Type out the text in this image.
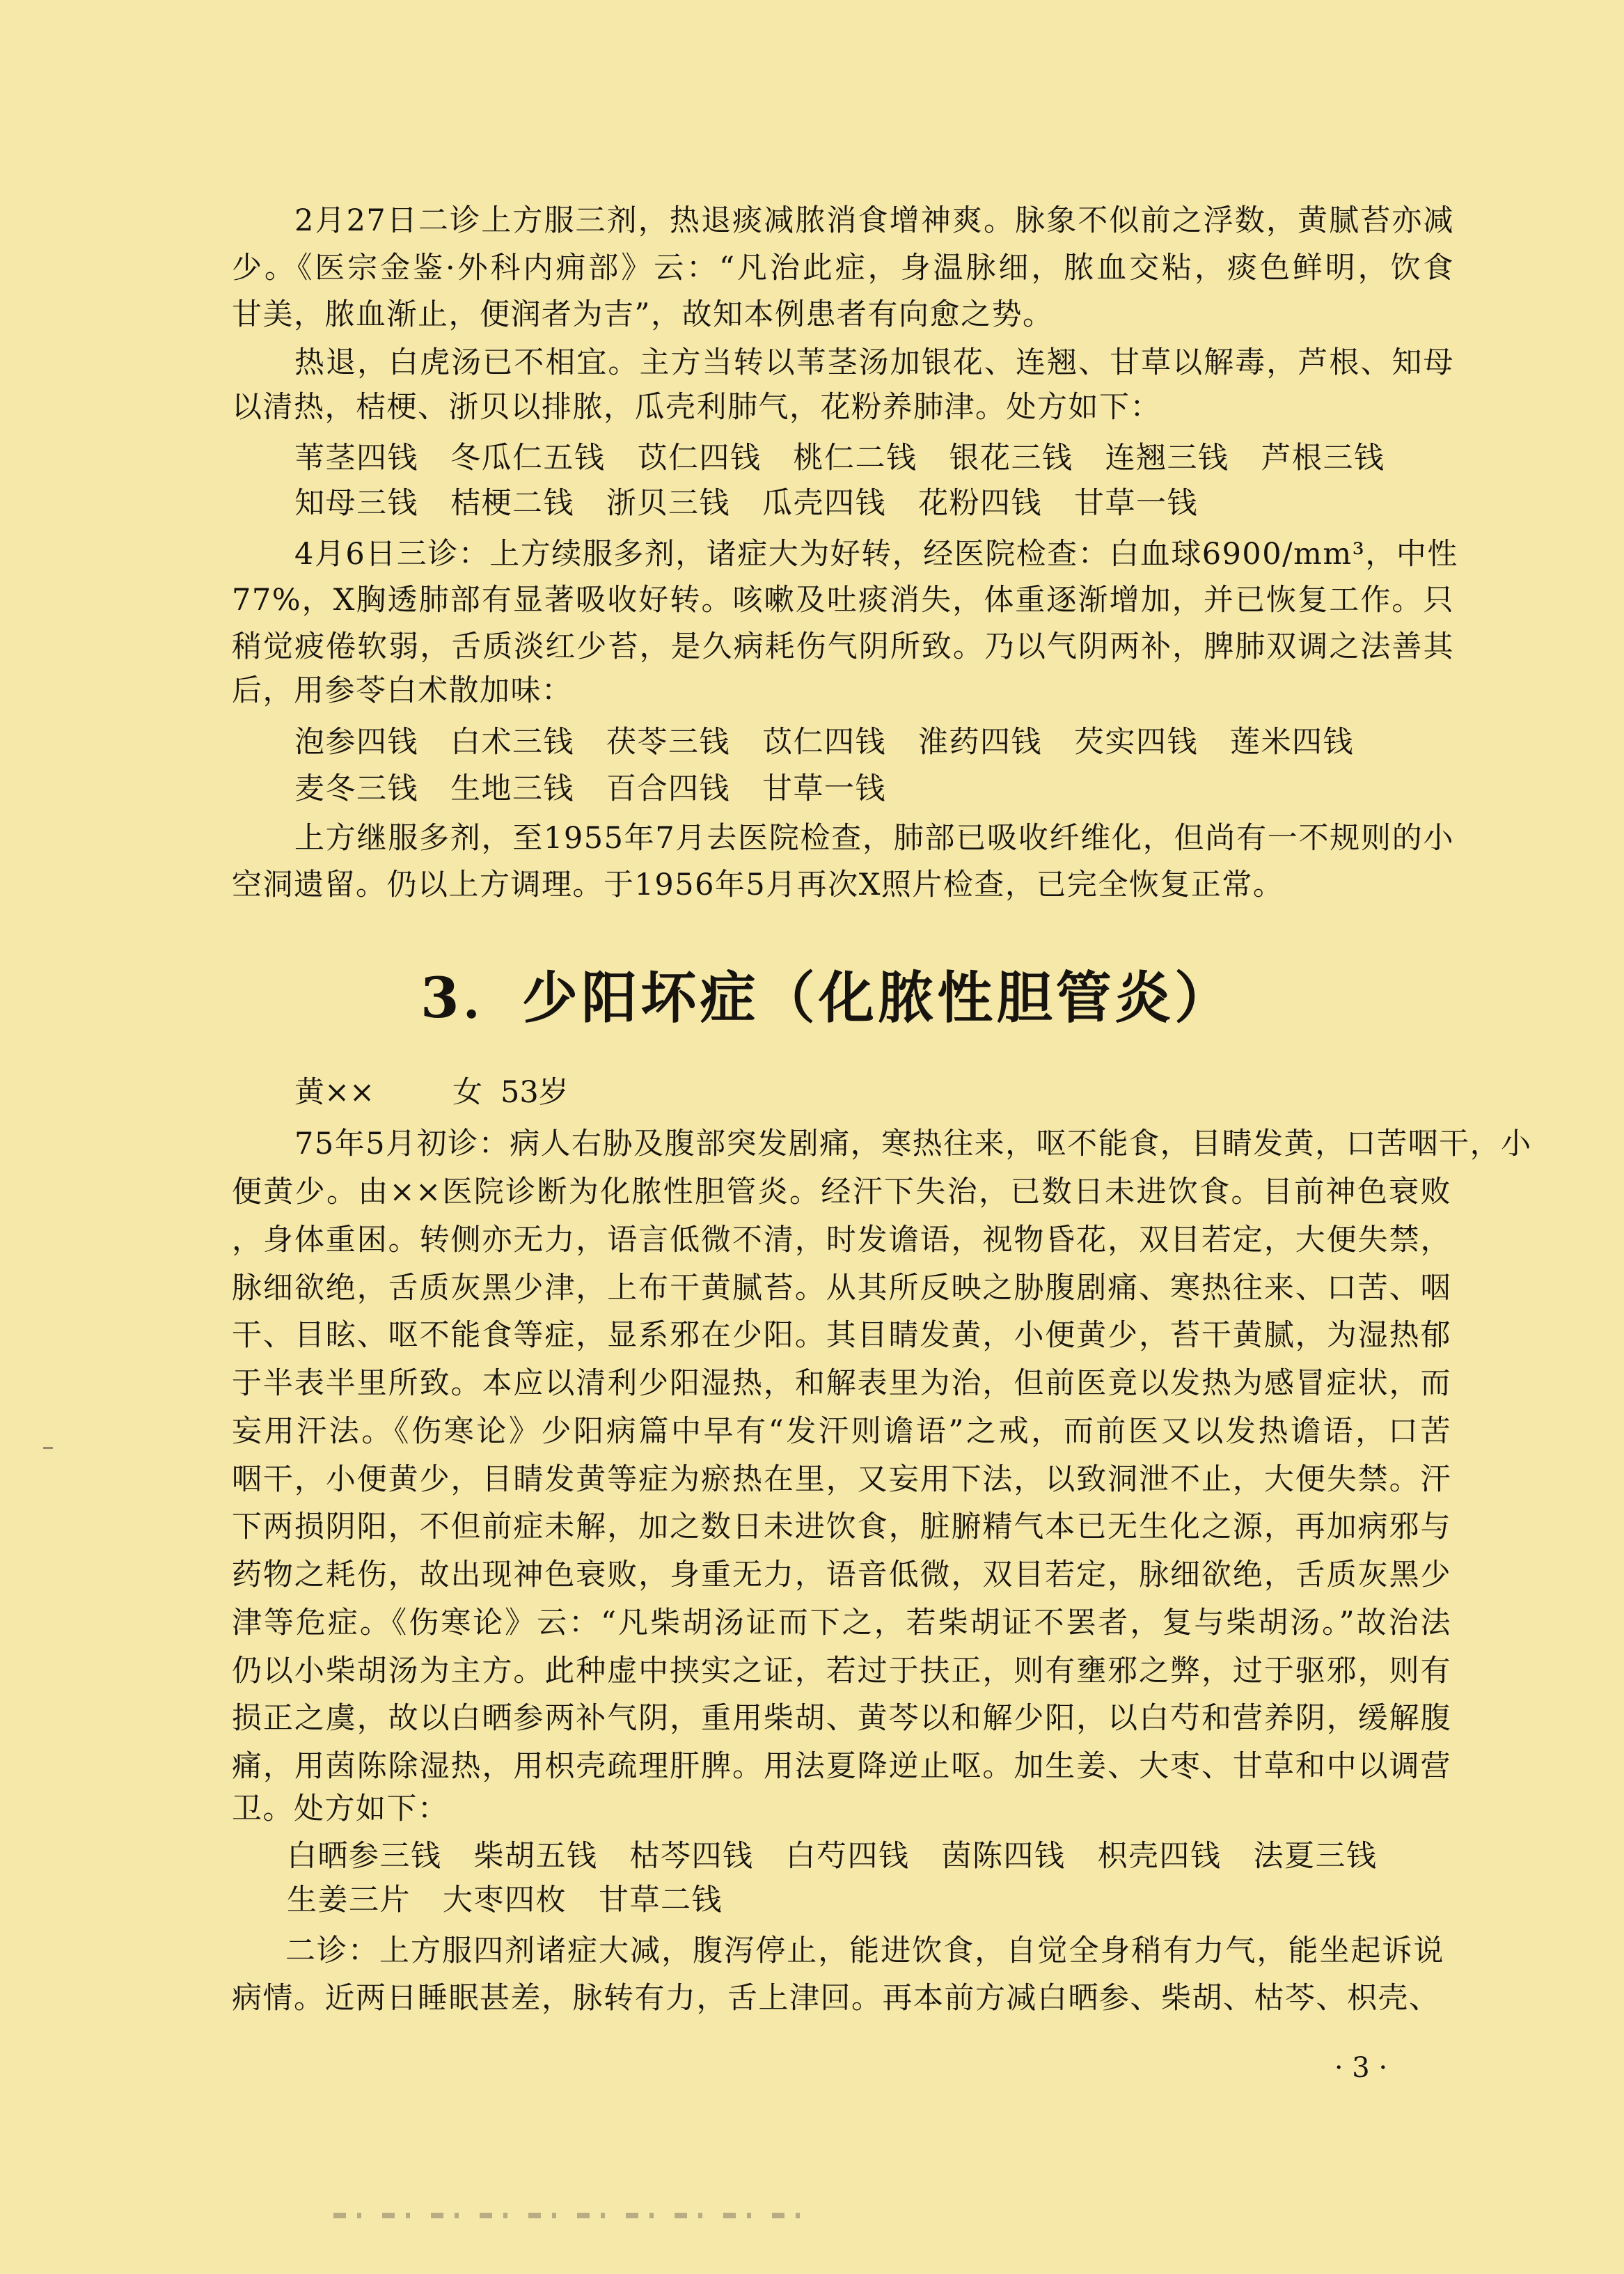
2月27日二诊上方服三剂，热退痰减脓消食增神爽。脉象不似前之浮数，黄腻苔亦减
少。《医宗金鉴·外科内痈部》云：“凡治此症，身温脉细，脓血交粘，痰色鲜明，饮食
甘美，脓血渐止，便润者为吉”，故知本例患者有向愈之势。
热退，白虎汤已不相宜。主方当转以苇茎汤加银花、连翘、甘草以解毒，芦根、知母
以清热，桔梗、浙贝以排脓，瓜壳利肺气，花粉养肺津。处方如下：
苇茎四钱 冬瓜仁五钱 苡仁四钱 桃仁二钱 银花三钱 连翘三钱 芦根三钱
知母三钱 桔梗二钱 浙贝三钱 瓜壳四钱 花粉四钱 甘草一钱
4月6日三诊：上方续服多剂，诸症大为好转，经医院检查：白血球6900/mm³，中性
77%，X胸透肺部有显著吸收好转。咳嗽及吐痰消失，体重逐渐增加，并已恢复工作。只
稍觉疲倦软弱，舌质淡红少苔，是久病耗伤气阴所致。乃以气阴两补，脾肺双调之法善其
后，用参苓白术散加味：
泡参四钱 白术三钱 茯苓三钱 苡仁四钱 淮药四钱 芡实四钱 莲米四钱
麦冬三钱 生地三钱 百合四钱 甘草一钱
上方继服多剂，至1955年7月去医院检查，肺部已吸收纤维化，但尚有一不规则的小
空洞遗留。仍以上方调理。于1956年5月再次X照片检查，已完全恢复正常。
3．少阳坏症（化脓性胆管炎）
黄××	女 53岁
75年5月初诊：病人右胁及腹部突发剧痛，寒热往来，呕不能食，目睛发黄，口苦咽干，小
便黄少。由××医院诊断为化脓性胆管炎。经汗下失治，已数日未进饮食。目前神色衰败
，身体重困。转侧亦无力，语言低微不清，时发谵语，视物昏花，双目若定，大便失禁，
脉细欲绝，舌质灰黑少津，上布干黄腻苔。从其所反映之胁腹剧痛、寒热往来、口苦、咽
干、目眩、呕不能食等症，显系邪在少阳。其目睛发黄，小便黄少，苔干黄腻，为湿热郁
于半表半里所致。本应以清利少阳湿热，和解表里为治，但前医竟以发热为感冒症状，而
妄用汗法。《伤寒论》少阳病篇中早有“发汗则谵语”之戒，而前医又以发热谵语，口苦
咽干，小便黄少，目睛发黄等症为瘀热在里，又妄用下法，以致洞泄不止，大便失禁。汗
下两损阴阳，不但前症未解，加之数日未进饮食，脏腑精气本已无生化之源，再加病邪与
药物之耗伤，故出现神色衰败，身重无力，语音低微，双目若定，脉细欲绝，舌质灰黑少
津等危症。《伤寒论》云：“凡柴胡汤证而下之，若柴胡证不罢者，复与柴胡汤。”故治法
仍以小柴胡汤为主方。此种虚中挟实之证，若过于扶正，则有壅邪之弊，过于驱邪，则有
损正之虞，故以白晒参两补气阴，重用柴胡、黄芩以和解少阳，以白芍和营养阴，缓解腹
痛，用茵陈除湿热，用枳壳疏理肝脾。用法夏降逆止呕。加生姜、大枣、甘草和中以调营
卫。处方如下：
白晒参三钱 柴胡五钱 枯芩四钱 白芍四钱 茵陈四钱 枳壳四钱 法夏三钱
生姜三片 大枣四枚 甘草二钱
二诊：上方服四剂诸症大减，腹泻停止，能进饮食，自觉全身稍有力气，能坐起诉说
病情。近两日睡眠甚差，脉转有力，舌上津回。再本前方减白晒参、柴胡、枯芩、枳壳、
· 3 ·
